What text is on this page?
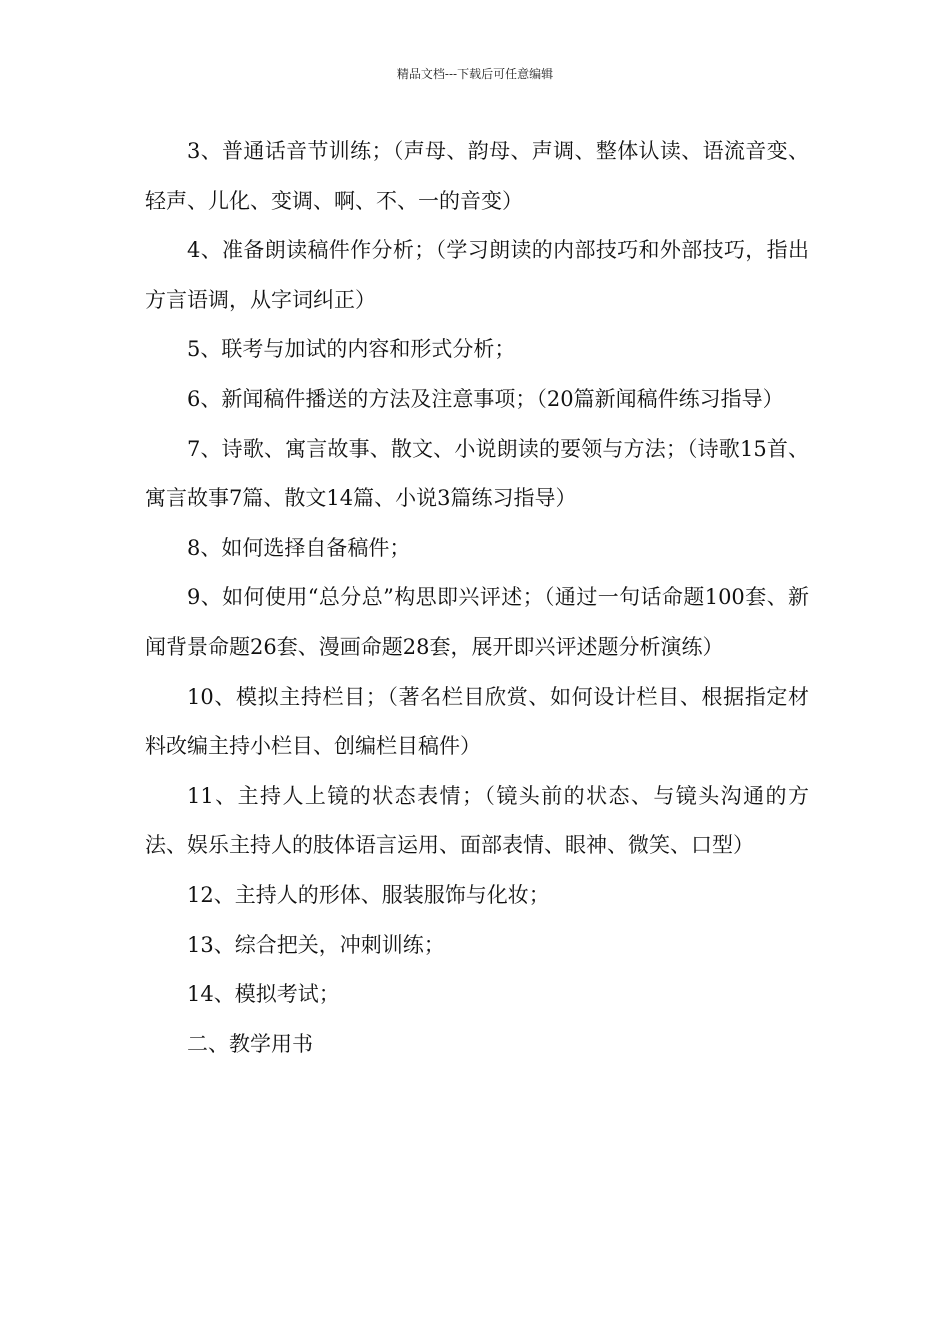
精品文档---下载后可任意编辑

3、普通话音节训练；（声母、韵母、声调、整体认读、语流音变、轻声、儿化、变调、啊、不、一的音变）

4、准备朗读稿件作分析；（学习朗读的内部技巧和外部技巧，指出方言语调，从字词纠正）

5、联考与加试的内容和形式分析；

6、新闻稿件播送的方法及注意事项；（20篇新闻稿件练习指导）

7、诗歌、寓言故事、散文、小说朗读的要领与方法；（诗歌15首、寓言故事7篇、散文14篇、小说3篇练习指导）

8、如何选择自备稿件；

9、如何使用“总分总”构思即兴评述；（通过一句话命题100套、新闻背景命题26套、漫画命题28套，展开即兴评述题分析演练）

10、模拟主持栏目；（著名栏目欣赏、如何设计栏目、根据指定材料改编主持小栏目、创编栏目稿件）

11、主持人上镜的状态表情；（镜头前的状态、与镜头沟通的方法、娱乐主持人的肢体语言运用、面部表情、眼神、微笑、口型）

12、主持人的形体、服装服饰与化妆；

13、综合把关，冲刺训练；

14、模拟考试；

二、教学用书
